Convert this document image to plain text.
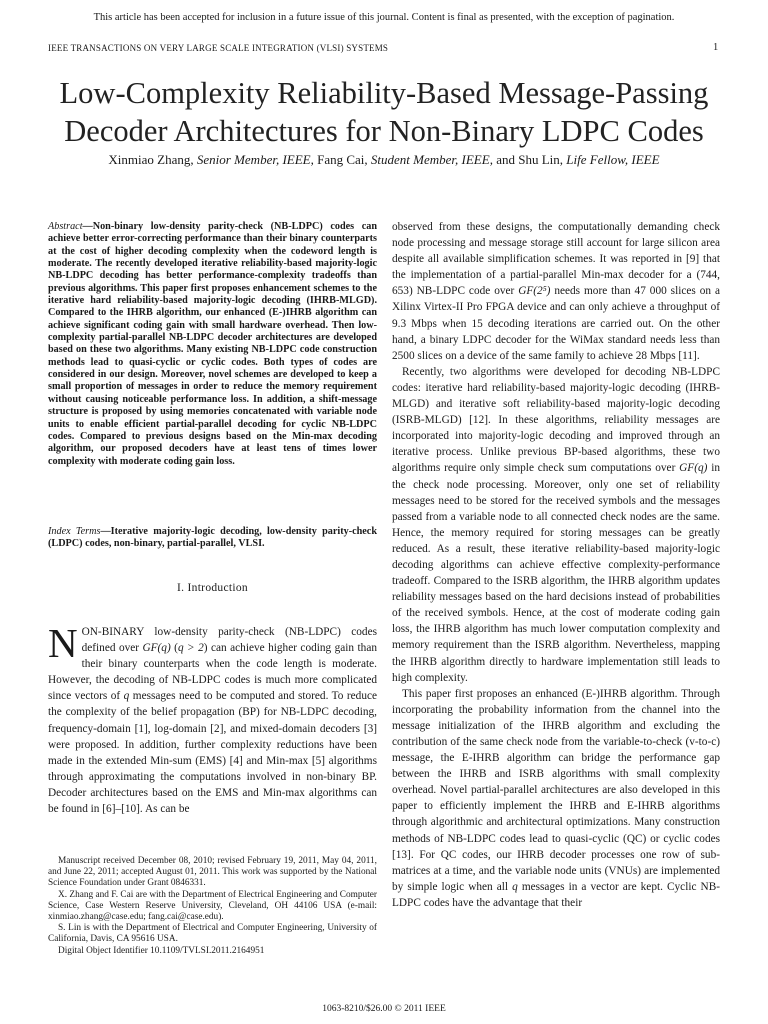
This article has been accepted for inclusion in a future issue of this journal. Content is final as presented, with the exception of pagination.
IEEE TRANSACTIONS ON VERY LARGE SCALE INTEGRATION (VLSI) SYSTEMS	1
Low-Complexity Reliability-Based Message-Passing
Decoder Architectures for Non-Binary LDPC Codes
Xinmiao Zhang, Senior Member, IEEE, Fang Cai, Student Member, IEEE, and Shu Lin, Life Fellow, IEEE
Abstract—Non-binary low-density parity-check (NB-LDPC) codes can achieve better error-correcting performance than their binary counterparts at the cost of higher decoding complexity when the codeword length is moderate. The recently developed iterative reliability-based majority-logic NB-LDPC decoding has better performance-complexity tradeoffs than previous algorithms. This paper first proposes enhancement schemes to the iterative hard reliability-based majority-logic decoding (IHRB-MLGD). Compared to the IHRB algorithm, our enhanced (E-)IHRB algorithm can achieve significant coding gain with small hardware overhead. Then low-complexity partial-parallel NB-LDPC decoder architectures are developed based on these two algorithms. Many existing NB-LDPC code construction methods lead to quasi-cyclic or cyclic codes. Both types of codes are considered in our design. Moreover, novel schemes are developed to keep a small proportion of messages in order to reduce the memory requirement without causing noticeable performance loss. In addition, a shift-message structure is proposed by using memories concatenated with variable node units to enable efficient partial-parallel decoding for cyclic NB-LDPC codes. Compared to previous designs based on the Min-max decoding algorithm, our proposed decoders have at least tens of times lower complexity with moderate coding gain loss.
Index Terms—Iterative majority-logic decoding, low-density parity-check (LDPC) codes, non-binary, partial-parallel, VLSI.
I. Introduction
NON-BINARY low-density parity-check (NB-LDPC) codes defined over GF(q) (q > 2) can achieve higher coding gain than their binary counterparts when the code length is moderate. However, the decoding of NB-LDPC codes is much more complicated since vectors of q messages need to be computed and stored. To reduce the complexity of the belief propagation (BP) for NB-LDPC decoding, frequency-domain [1], log-domain [2], and mixed-domain decoders [3] were proposed. In addition, further complexity reductions have been made in the extended Min-sum (EMS) [4] and Min-max [5] algorithms through approximating the computations involved in non-binary BP. Decoder architectures based on the EMS and Min-max algorithms can be found in [6]–[10]. As can be

Manuscript received December 08, 2010; revised February 19, 2011, May 04, 2011, and June 22, 2011; accepted August 01, 2011. This work was supported by the National Science Foundation under Grant 0846331.

X. Zhang and F. Cai are with the Department of Electrical Engineering and Computer Science, Case Western Reserve University, Cleveland, OH 44106 USA (e-mail: xinmiao.zhang@case.edu; fang.cai@case.edu).

S. Lin is with the Department of Electrical and Computer Engineering, University of California, Davis, CA 95616 USA.

Digital Object Identifier 10.1109/TVLSI.2011.2164951

observed from these designs, the computationally demanding check node processing and message storage still account for large silicon area despite all available simplification schemes. It was reported in [9] that the implementation of a partial-parallel Min-max decoder for a (744, 653) NB-LDPC code over GF(2⁵) needs more than 47 000 slices on a Xilinx Virtex-II Pro FPGA device and can only achieve a throughput of 9.3 Mbps when 15 decoding iterations are carried out. On the other hand, a binary LDPC decoder for the WiMax standard needs less than 2500 slices on a device of the same family to achieve 28 Mbps [11].

Recently, two algorithms were developed for decoding NB-LDPC codes: iterative hard reliability-based majority-logic decoding (IHRB-MLGD) and iterative soft reliability-based majority-logic decoding (ISRB-MLGD) [12]. In these algorithms, reliability messages are incorporated into majority-logic decoding and improved through an iterative process. Unlike previous BP-based algorithms, these two algorithms require only simple check sum computations over GF(q) in the check node processing. Moreover, only one set of reliability messages need to be stored for the received symbols and the messages passed from a variable node to all connected check nodes are the same. Hence, the memory required for storing messages can be greatly reduced. As a result, these iterative reliability-based majority-logic decoding algorithms can achieve effective complexity-performance tradeoff. Compared to the ISRB algorithm, the IHRB algorithm updates reliability messages based on the hard decisions instead of probabilities of the received symbols. Hence, at the cost of moderate coding gain loss, the IHRB algorithm has much lower computation complexity and memory requirement than the ISRB algorithm. Nevertheless, mapping the IHRB algorithm directly to hardware implementation still leads to high complexity.

This paper first proposes an enhanced (E-)IHRB algorithm. Through incorporating the probability information from the channel into the message initialization of the IHRB algorithm and excluding the contribution of the same check node from the variable-to-check (v-to-c) message, the E-IHRB algorithm can bridge the performance gap between the IHRB and ISRB algorithms with small complexity overhead. Novel partial-parallel architectures are also developed in this paper to efficiently implement the IHRB and E-IHRB algorithms through algorithmic and architectural optimizations. Many construction methods of NB-LDPC codes lead to quasi-cyclic (QC) or cyclic codes [13]. For QC codes, our IHRB decoder processes one row of sub-matrices at a time, and the variable node units (VNUs) are implemented by simple logic when all q messages in a vector are kept. Cyclic NB-LDPC codes have the advantage that their

1063-8210/$26.00 © 2011 IEEE
